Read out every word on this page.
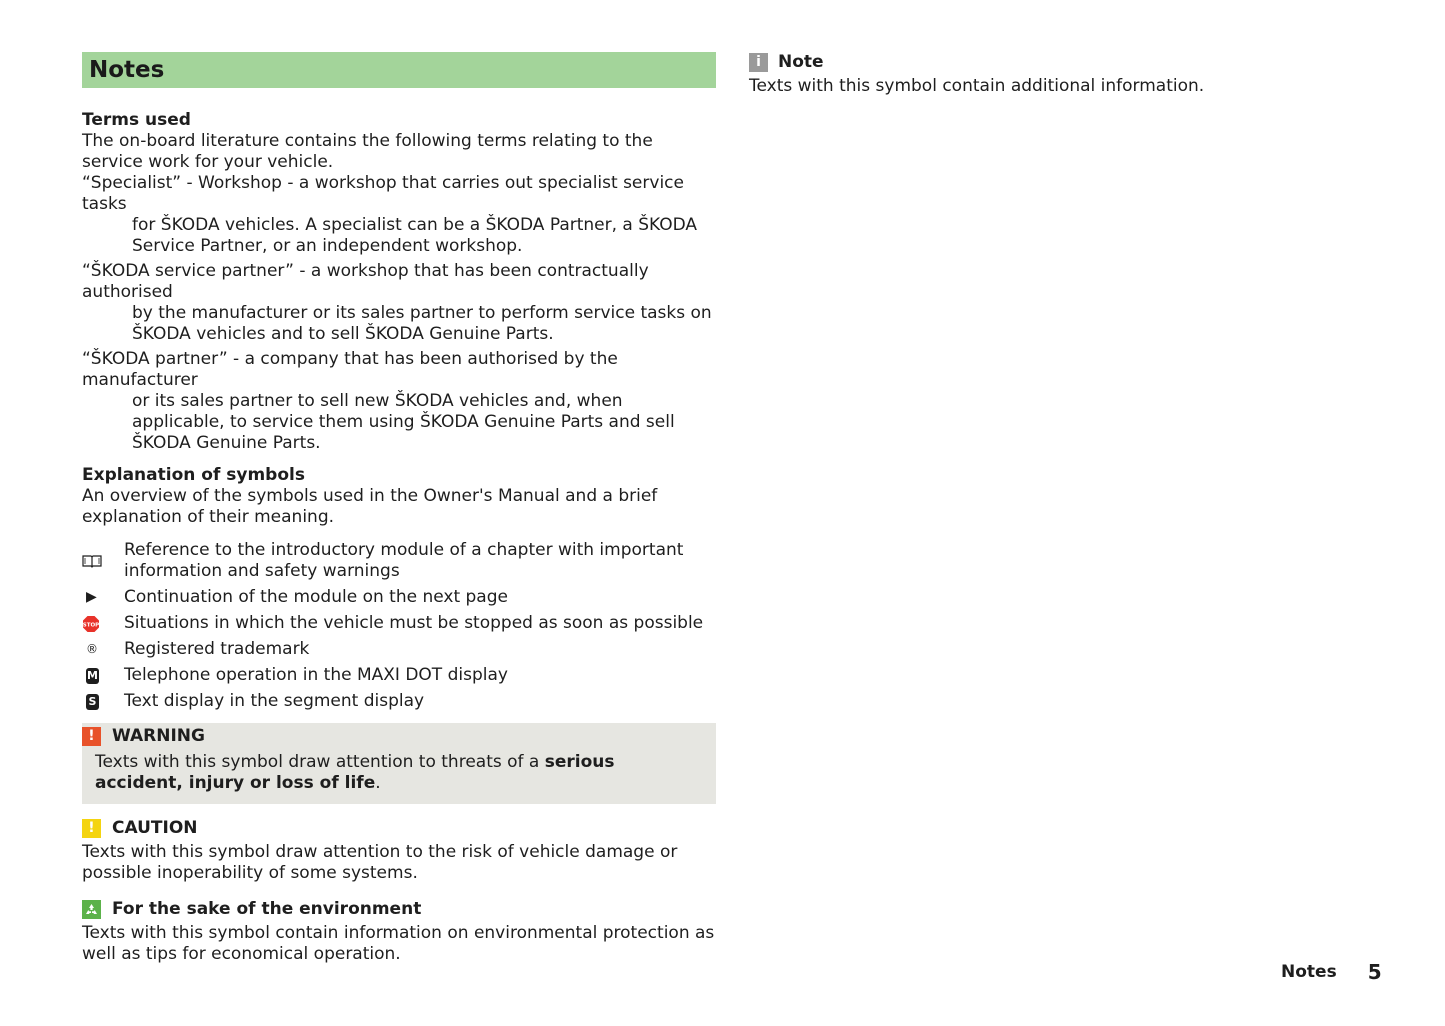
Notes
Terms used
The on-board literature contains the following terms relating to the service work for your vehicle.
“Specialist” - Workshop - a workshop that carries out specialist service tasks
for ŠKODA vehicles. A specialist can be a ŠKODA Partner, a ŠKODA Service Partner, or an independent workshop.
“ŠKODA service partner” - a workshop that has been contractually authorised
by the manufacturer or its sales partner to perform service tasks on ŠKODA vehicles and to sell ŠKODA Genuine Parts.
“ŠKODA partner” - a company that has been authorised by the manufacturer
or its sales partner to sell new ŠKODA vehicles and, when applicable, to service them using ŠKODA Genuine Parts and sell ŠKODA Genuine Parts.
Explanation of symbols
An overview of the symbols used in the Owner's Manual and a brief explanation of their meaning.
Reference to the introductory module of a chapter with important information and safety warnings
▶ Continuation of the module on the next page
STOP Situations in which the vehicle must be stopped as soon as possible
® Registered trademark
M Telephone operation in the MAXI DOT display
S Text display in the segment display
!	WARNING
Texts with this symbol draw attention to threats of a serious accident, injury or loss of life.
!	CAUTION
Texts with this symbol draw attention to the risk of vehicle damage or possible inoperability of some systems.
For the sake of the environment
Texts with this symbol contain information on environmental protection as well as tips for economical operation.
i	Note
Texts with this symbol contain additional information.
Notes 5
